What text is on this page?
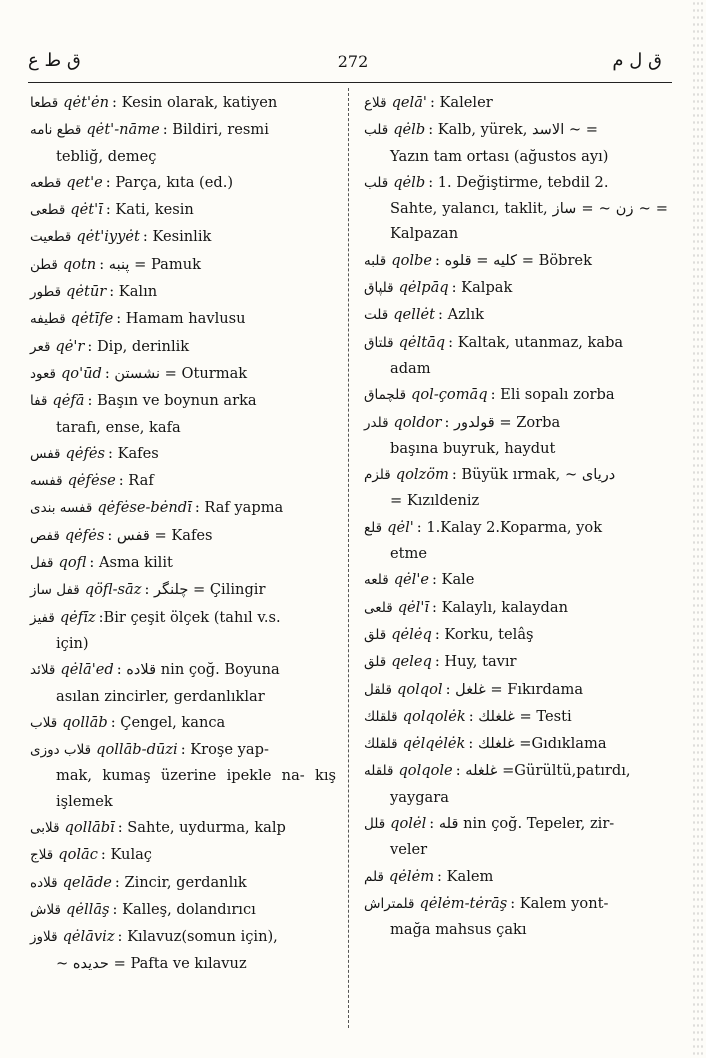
ق ط ع	272	ق ل م
قطعا qėt'ėn : Kesin olarak, katiyen
قطع نامه qėt'-nāme : Bildiri, resmi
tebliğ, demeç
قطعه qet'e : Parça, kıta (ed.)
قطعی qėt'ī : Kati, kesin
قطعیت qėt'iyyėt : Kesinlik
قطن qotn : پنبه = Pamuk
قطور qėtūr : Kalın
قطیفه qėtīfe : Hamam havlusu
قعر qė'r : Dip, derinlik
قعود qo'ūd : نشستن = Oturmak
قفا qėfā : Başın ve boynun arka
tarafı, ense, kafa
قفس qėfės : Kafes
قفسه qėfėse : Raf
قفسه بندی qėfėse-bėndī : Raf yapma
قفص qėfės : قفس = Kafes
قفل qofl : Asma kilit
قفل ساز qöfl-sāz : چلنگر = Çilingir
قفیز qėfīz :Bir çeşit ölçek (tahıl v.s.
için)
قلائد qėlā'ed : قلاده nin çoğ. Boyuna
asılan zincirler, gerdanlıklar
قلاب qollāb : Çengel, kanca
قلاب دوزی qollāb-dūzi : Kroşe yap-
mak, kumaş üzerine ipekle na- kış işlemek
قلابی qollābī : Sahte, uydurma, kalp
قلاج qolāc : Kulaç
قلاده qelāde : Zincir, gerdanlık
قلاش qėllāş : Kalleş, dolandırıcı
قلاوز qėlāviz : Kılavuz(somun için),
~ حدیده = Pafta ve kılavuz
قلاع qelā' : Kaleler
قلب qėlb : Kalb, yürek, الاسد ~ =
Yazın tam ortası (ağustos ayı)
قلب qėlb : 1. Değiştirme, tebdil 2.
Sahte, yalancı, taklit, زن ~ = ساز ~ = Kalpazan
قلبه qolbe : کلیه = قلوه = Böbrek
قلپاق qėlpāq : Kalpak
قلت qellėt : Azlık
قلتاق qėltāq : Kaltak, utanmaz, kaba
adam
قلچماق qol-çomāq : Eli sopalı zorba
قلدر qoldor : قولدور = Zorba
başına buyruk, haydut
قلزم qolzöm : Büyük ırmak, ~ دریای
= Kızıldeniz
قلع qėl' : 1.Kalay 2.Koparma, yok
etme
قلعه qėl'e : Kale
قلعی qėl'ī : Kalaylı, kalaydan
قلق qėlėq : Korku, telâş
قلق qeleq : Huy, tavır
قلقل qolqol : غلغل = Fıkırdama
قلقلك qolqolėk : غلغلك = Testi
قلقلك qėlqėlėk : غلغلك =Gıdıklama
قلقله qolqole : غلغله =Gürültü,patırdı,
yaygara
قلل qolėl : قله nin çoğ. Tepeler, zir-
veler
قلم qėlėm : Kalem
قلمتراش qėlėm-tėrāş : Kalem yont-
mağa mahsus çakı
